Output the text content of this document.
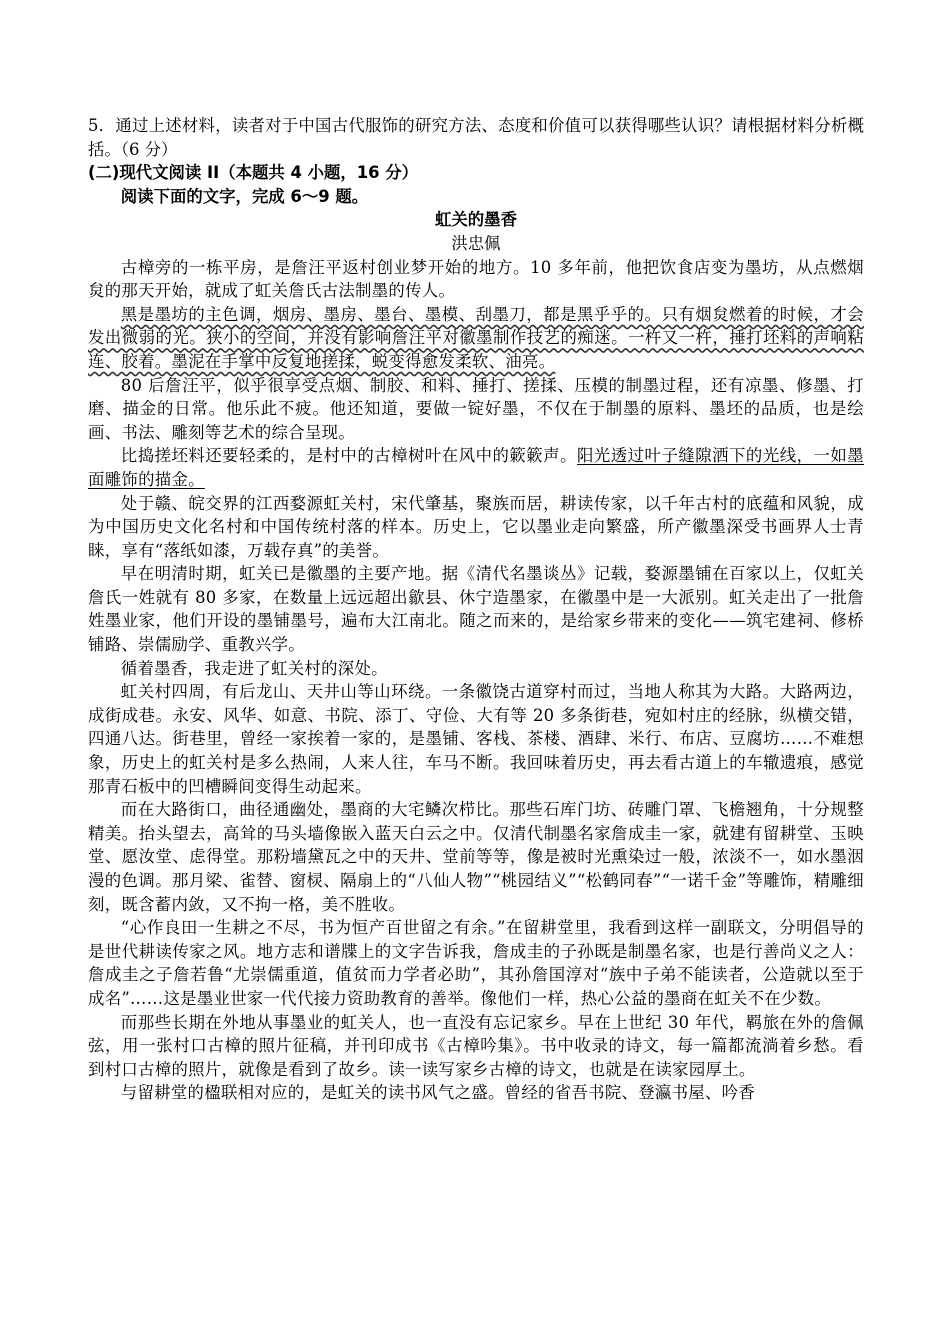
5．通过上述材料，读者对于中国古代服饰的研究方法、态度和价值可以获得哪些认识？请根据材料分析概括。（6 分）

(二)现代文阅读 II（本题共 4 小题，16 分）

阅读下面的文字，完成 6～9 题。

虹关的墨香

洪忠佩

古樟旁的一栋平房，是詹汪平返村创业梦开始的地方。10 多年前，他把饮食店变为墨坊，从点燃烟炱的那天开始，就成了虹关詹氏古法制墨的传人。

黑是墨坊的主色调，烟房、墨房、墨台、墨模、刮墨刀，都是黑乎乎的。只有烟炱燃着的时候，才会发出微弱的光。狭小的空间，并没有影响詹汪平对徽墨制作技艺的痴迷。一杵又一杵，捶打坯料的声响粘连、胶着。墨泥在手掌中反复地搓揉，蜕变得愈发柔软、油亮。

80 后詹汪平，似乎很享受点烟、制胶、和料、捶打、搓揉、压模的制墨过程，还有凉墨、修墨、打磨、描金的日常。他乐此不疲。他还知道，要做一锭好墨，不仅在于制墨的原料、墨坯的品质，也是绘画、书法、雕刻等艺术的综合呈现。

比捣搓坯料还要轻柔的，是村中的古樟树叶在风中的簌簌声。阳光透过叶子缝隙洒下的光线，一如墨面雕饰的描金。

处于赣、皖交界的江西婺源虹关村，宋代肇基，聚族而居，耕读传家，以千年古村的底蕴和风貌，成为中国历史文化名村和中国传统村落的样本。历史上，它以墨业走向繁盛，所产徽墨深受书画界人士青睐，享有“落纸如漆，万载存真”的美誉。

早在明清时期，虹关已是徽墨的主要产地。据《清代名墨谈丛》记载，婺源墨铺在百家以上，仅虹关詹氏一姓就有 80 多家，在数量上远远超出歙县、休宁造墨家，在徽墨中是一大派别。虹关走出了一批詹姓墨业家，他们开设的墨铺墨号，遍布大江南北。随之而来的，是给家乡带来的变化——筑宅建祠、修桥铺路、崇儒励学、重教兴学。

循着墨香，我走进了虹关村的深处。

虹关村四周，有后龙山、天井山等山环绕。一条徽饶古道穿村而过，当地人称其为大路。大路两边，成街成巷。永安、风华、如意、书院、添丁、守俭、大有等 20 多条街巷，宛如村庄的经脉，纵横交错，四通八达。街巷里，曾经一家挨着一家的，是墨铺、客栈、茶楼、酒肆、米行、布店、豆腐坊……不难想象，历史上的虹关村是多么热闹，人来人往，车马不断。我回味着历史，再去看古道上的车辙遗痕，感觉那青石板中的凹槽瞬间变得生动起来。

而在大路街口，曲径通幽处，墨商的大宅鳞次栉比。那些石库门坊、砖雕门罩、飞檐翘角，十分规整精美。抬头望去，高耸的马头墙像嵌入蓝天白云之中。仅清代制墨名家詹成圭一家，就建有留耕堂、玉映堂、愿汝堂、虑得堂。那粉墙黛瓦之中的天井、堂前等等，像是被时光熏染过一般，浓淡不一，如水墨洇漫的色调。那月梁、雀替、窗棂、隔扇上的“八仙人物”“桃园结义”“松鹤同春”“一诺千金”等雕饰，精雕细刻，既含蓄内敛，又不拘一格，美不胜收。

“心作良田一生耕之不尽，书为恒产百世留之有余。”在留耕堂里，我看到这样一副联文，分明倡导的是世代耕读传家之风。地方志和谱牒上的文字告诉我，詹成圭的子孙既是制墨名家，也是行善尚义之人：詹成圭之子詹若鲁“尤崇儒重道，值贫而力学者必助”，其孙詹国淳对“族中子弟不能读者，公造就以至于成名”……这是墨业世家一代代接力资助教育的善举。像他们一样，热心公益的墨商在虹关不在少数。

而那些长期在外地从事墨业的虹关人，也一直没有忘记家乡。早在上世纪 30 年代，羁旅在外的詹佩弦，用一张村口古樟的照片征稿，并刊印成书《古樟吟集》。书中收录的诗文，每一篇都流淌着乡愁。看到村口古樟的照片，就像是看到了故乡。读一读写家乡古樟的诗文，也就是在读家园厚土。

与留耕堂的楹联相对应的，是虹关的读书风气之盛。曾经的省吾书院、登瀛书屋、吟香
